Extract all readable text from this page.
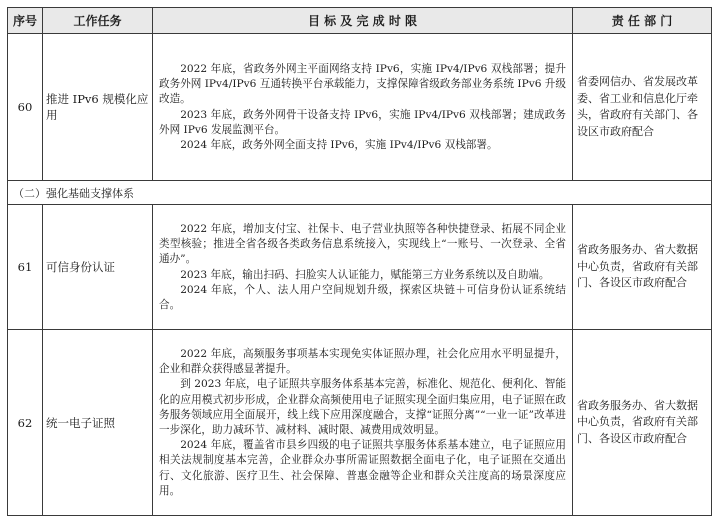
序号	工作任务	目 标 及 完 成 时 限	责 任 部 门
60	推进 IPv6 规模化应用	2022 年底，省政务外网主平面网络支持 IPv6，实施 IPv4/IPv6 双栈部署；提升政务外网 IPv4/IPv6 互通转换平台承载能力，支撑保障省级政务部业务系统 IPv6 升级改造。

2023 年底，政务外网骨干设备支持 IPv6，实施 IPv4/IPv6 双栈部署；建成政务外网 IPv6 发展监测平台。

2024 年底，政务外网全面支持 IPv6，实施 IPv4/IPv6 双栈部署。	省委网信办、省发展改革委、省工业和信息化厅牵头，省政府有关部门、各设区市政府配合
（二）强化基础支撑体系			
61	可信身份认证	2022 年底，增加支付宝、社保卡、电子营业执照等各种快捷登录、拓展不同企业类型核验；推进全省各级各类政务信息系统接入，实现线上“一账号、一次登录、全省通办”。

2023 年底，输出扫码、扫脸实人认证能力，赋能第三方业务系统以及自助端。

2024 年底，个人、法人用户空间规划升级，探索区块链＋可信身份认证系统结合。	省政务服务办、省大数据中心负责，省政府有关部门、各设区市政府配合
62	统一电子证照	2022 年底，高频服务事项基本实现免实体证照办理，社会化应用水平明显提升，企业和群众获得感显著提升。

到 2023 年底，电子证照共享服务体系基本完善，标准化、规范化、便利化、智能化的应用模式初步形成，企业群众高频使用电子证照实现全面归集应用，电子证照在政务服务领域应用全面展开，线上线下应用深度融合，支撑“证照分离”“一业一证”改革进一步深化，助力减环节、减材料、减时限、减费用成效明显。

2024 年底，覆盖省市县乡四级的电子证照共享服务体系基本建立，电子证照应用相关法规制度基本完善，企业群众办事所需证照数据全面电子化，电子证照在交通出行、文化旅游、医疗卫生、社会保障、普惠金融等企业和群众关注度高的场景深度应用。	省政务服务办、省大数据中心负责，省政府有关部门、各设区市政府配合
